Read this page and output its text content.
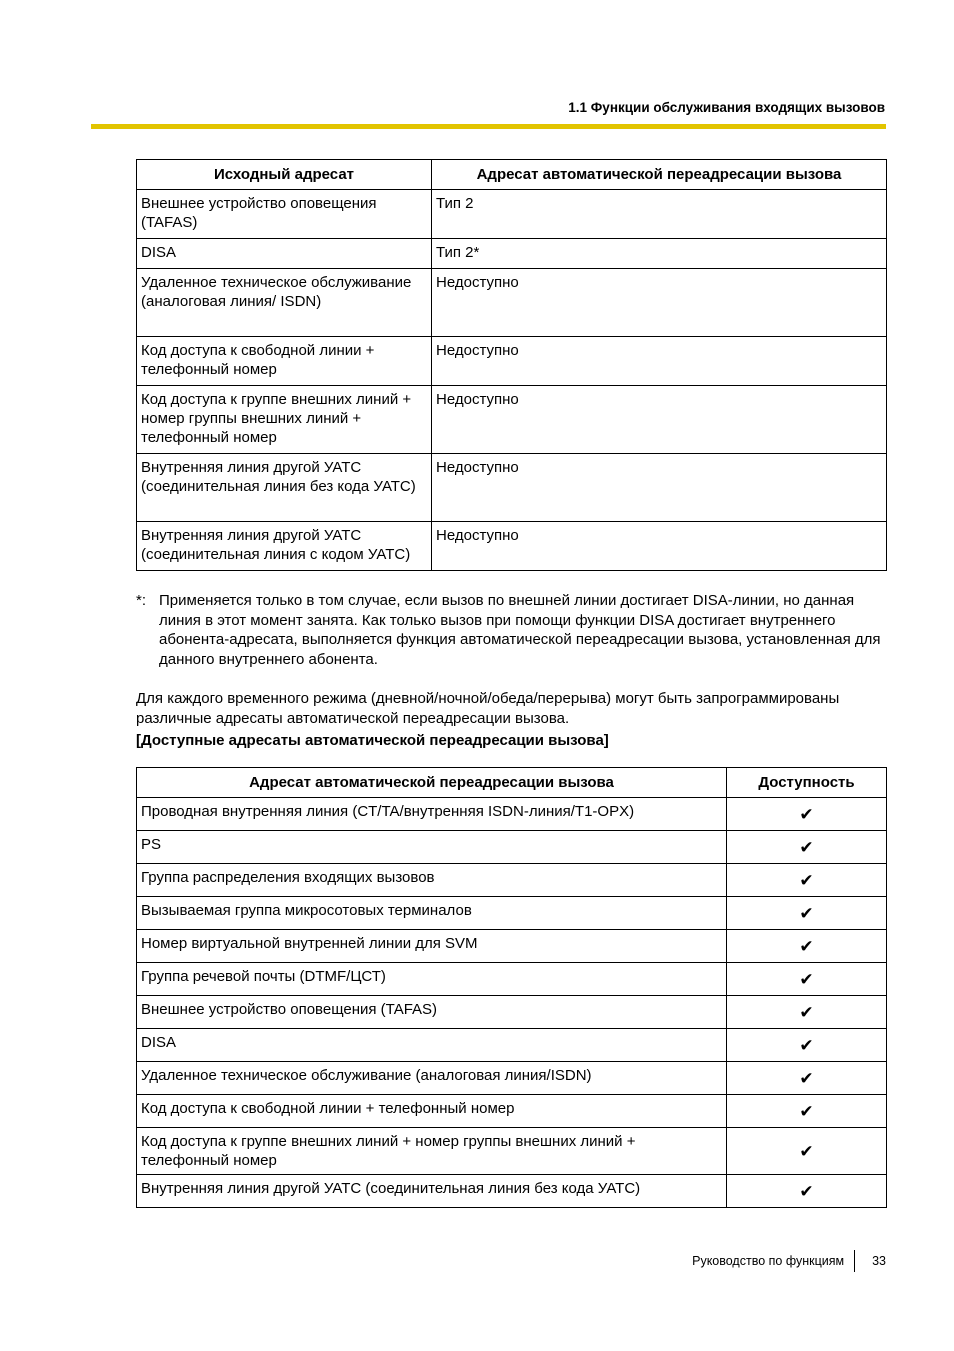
1.1 Функции обслуживания входящих вызовов
Исходный адресат	Адресат автоматической переадресации вызова
Внешнее устройство оповещения (TAFAS)	Тип 2
DISA	Тип 2*
Удаленное техническое обслуживание (аналоговая линия/ ISDN)	Недоступно
Код доступа к свободной линии + телефонный номер	Недоступно
Код доступа к группе внешних линий + номер группы внешних линий + телефонный номер	Недоступно
Внутренняя линия другой УАТС (соединительная линия без кода УАТС)	Недоступно
Внутренняя линия другой УАТС (соединительная линия с кодом УАТС)	Недоступно
*: Применяется только в том случае, если вызов по внешней линии достигает DISA-линии, но данная линия в этот момент занята. Как только вызов при помощи функции DISA достигает внутреннего абонента-адресата, выполняется функция автоматической переадресации вызова, установленная для данного внутреннего абонента.
Для каждого временного режима (дневной/ночной/обеда/перерыва) могут быть запрограммированы различные адресаты автоматической переадресации вызова.
[Доступные адресаты автоматической переадресации вызова]
Адресат автоматической переадресации вызова	Доступность
Проводная внутренняя линия (CT/TA/внутренняя ISDN-линия/T1-OPX)	✔
PS	✔
Группа распределения входящих вызовов	✔
Вызываемая группа микросотовых терминалов	✔
Номер виртуальной внутренней линии для SVM	✔
Группа речевой почты (DTMF/ЦСТ)	✔
Внешнее устройство оповещения (TAFAS)	✔
DISA	✔
Удаленное техническое обслуживание (аналоговая линия/ISDN)	✔
Код доступа к свободной линии + телефонный номер	✔
Код доступа к группе внешних линий + номер группы внешних линий + телефонный номер	✔
Внутренняя линия другой УАТС (соединительная линия без кода УАТС)	✔
Руководство по функциям 33
